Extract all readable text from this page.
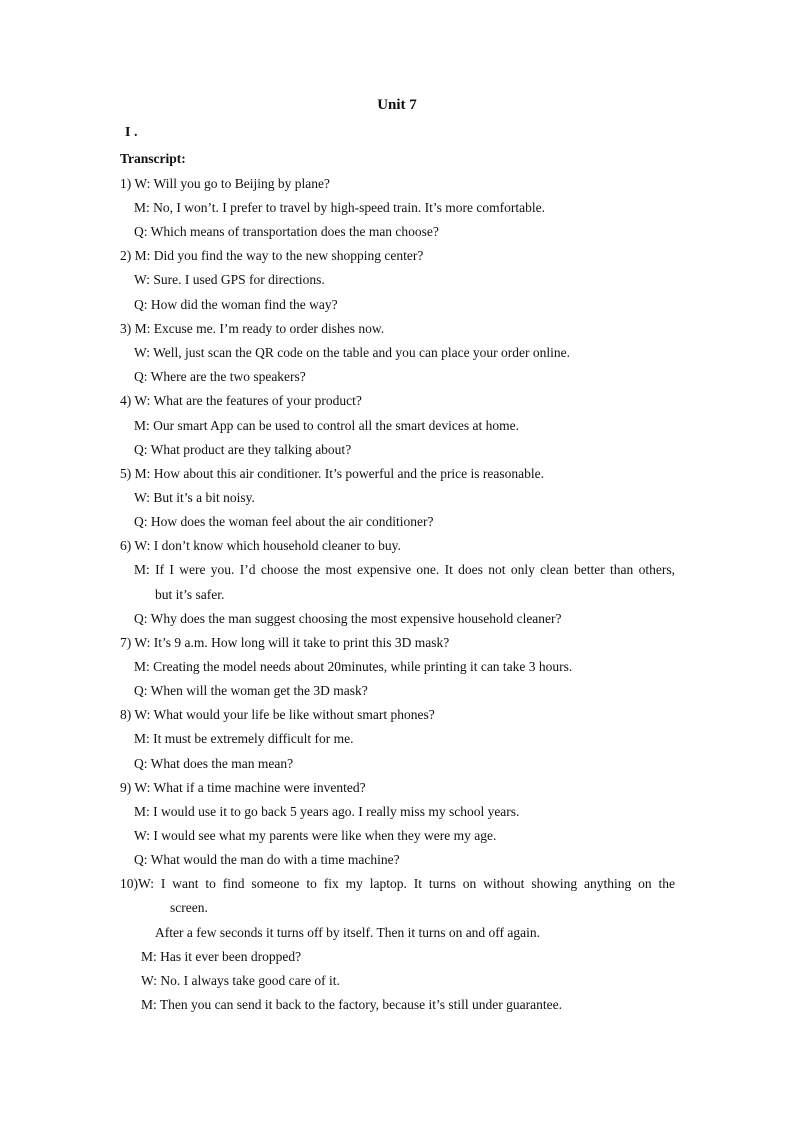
Unit 7
I .
Transcript:
1) W: Will you go to Beijing by plane?
M: No, I won’t. I prefer to travel by high-speed train. It’s more comfortable.
Q: Which means of transportation does the man choose?
2) M: Did you find the way to the new shopping center?
W: Sure. I used GPS for directions.
Q: How did the woman find the way?
3) M: Excuse me. I’m ready to order dishes now.
W: Well, just scan the QR code on the table and you can place your order online.
Q: Where are the two speakers?
4) W: What are the features of your product?
M: Our smart App can be used to control all the smart devices at home.
Q: What product are they talking about?
5) M: How about this air conditioner. It’s powerful and the price is reasonable.
W: But it’s a bit noisy.
Q: How does the woman feel about the air conditioner?
6) W: I don’t know which household cleaner to buy.
M: If I were you. I’d choose the most expensive one. It does not only clean better than others,
but it’s safer.
Q: Why does the man suggest choosing the most expensive household cleaner?
7) W: It’s 9 a.m. How long will it take to print this 3D mask?
M: Creating the model needs about 20minutes, while printing it can take 3 hours.
Q: When will the woman get the 3D mask?
8) W: What would your life be like without smart phones?
M: It must be extremely difficult for me.
Q: What does the man mean?
9) W: What if a time machine were invented?
M: I would use it to go back 5 years ago. I really miss my school years.
W: I would see what my parents were like when they were my age.
Q: What would the man do with a time machine?
10)W: I want to find someone to fix my laptop. It turns on without showing anything on the
screen.
After a few seconds it turns off by itself. Then it turns on and off again.
M: Has it ever been dropped?
W: No. I always take good care of it.
M: Then you can send it back to the factory, because it’s still under guarantee.
